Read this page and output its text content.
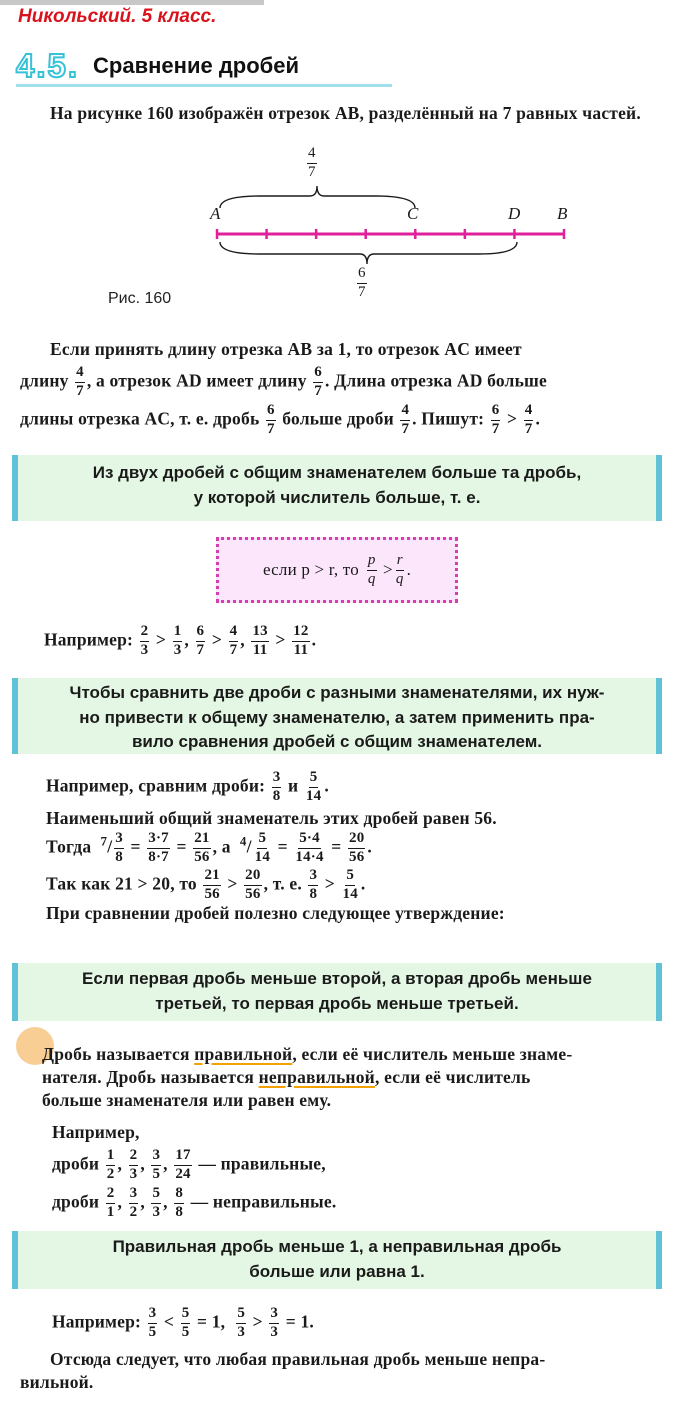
Никольский. 5 класс.
4.5. Сравнение дробей
На рисунке 160 изображён отрезок AB, разделённый на 7 равных частей.
$\frac{4}{7}$
$\frac{6}{7}$
A	C	D B
Рис. 160
Если принять длину отрезка AB за 1, то отрезок AC имеет
длину $\frac{4}{7}$ , а отрезок AD имеет длину $\frac{6}{7}$ . Длина отрезка AD больше
длины отрезка AC, т. е. дробь $\frac{6}{7}$ больше дроби $\frac{4}{7}$ . Пишут: $\frac{6}{7} > \frac{4}{7}$ .
Из двух дробей с общим знаменателем больше та дробь,
у которой числитель больше, т. е.
если p > r, то $\frac{p}{q} > \frac{r}{q}$ .
Например: $\frac{2}{3} > \frac{1}{3}$ , $\frac{6}{7} > \frac{4}{7}$ , $\frac{13}{11} > \frac{12}{11}$ .
Чтобы сравнить две дроби с разными знаменателями, их нуж-
но привести к общему знаменателю, а затем применить пра-
вило сравнения дробей с общим знаменателем.
Например, сравним дроби: $\frac{3}{8}$ и $\frac{5}{14}$ .
Наименьший общий знаменатель этих дробей равен 56.
Тогда $^7/ \frac{3}{8} = \frac{3\cdot 7}{8\cdot 7} = \frac{21}{56}$ , а  $^4/ \frac{5}{14} = \frac{5\cdot 4}{14\cdot 4} = \frac{20}{56}$ .
Так как 21 > 20, то $\frac{21}{56} > \frac{20}{56}$ , т. е. $\frac{3}{8} > \frac{5}{14}$ .
При сравнении дробей полезно следующее утверждение:
Если первая дробь меньше второй, а вторая дробь меньше
третьей, то первая дробь меньше третьей.
Дробь называется правильной, если её числитель меньше знаме-
нателя. Дробь называется неправильной, если её числитель
больше знаменателя или равен ему.
Например,
дроби $\frac{1}{2}$ , $\frac{2}{3}$ , $\frac{3}{5}$ , $\frac{17}{24}$ — правильные,
дроби $\frac{2}{1}$ , $\frac{3}{2}$ , $\frac{5}{3}$ , $\frac{8}{8}$ — неправильные.
Правильная дробь меньше 1, а неправильная дробь
больше или равна 1.
Например: $\frac{3}{5} < \frac{5}{5} = 1$, $\frac{5}{3} > \frac{3}{3} = 1$.
Отсюда следует, что любая правильная дробь меньше непра-
вильной.
